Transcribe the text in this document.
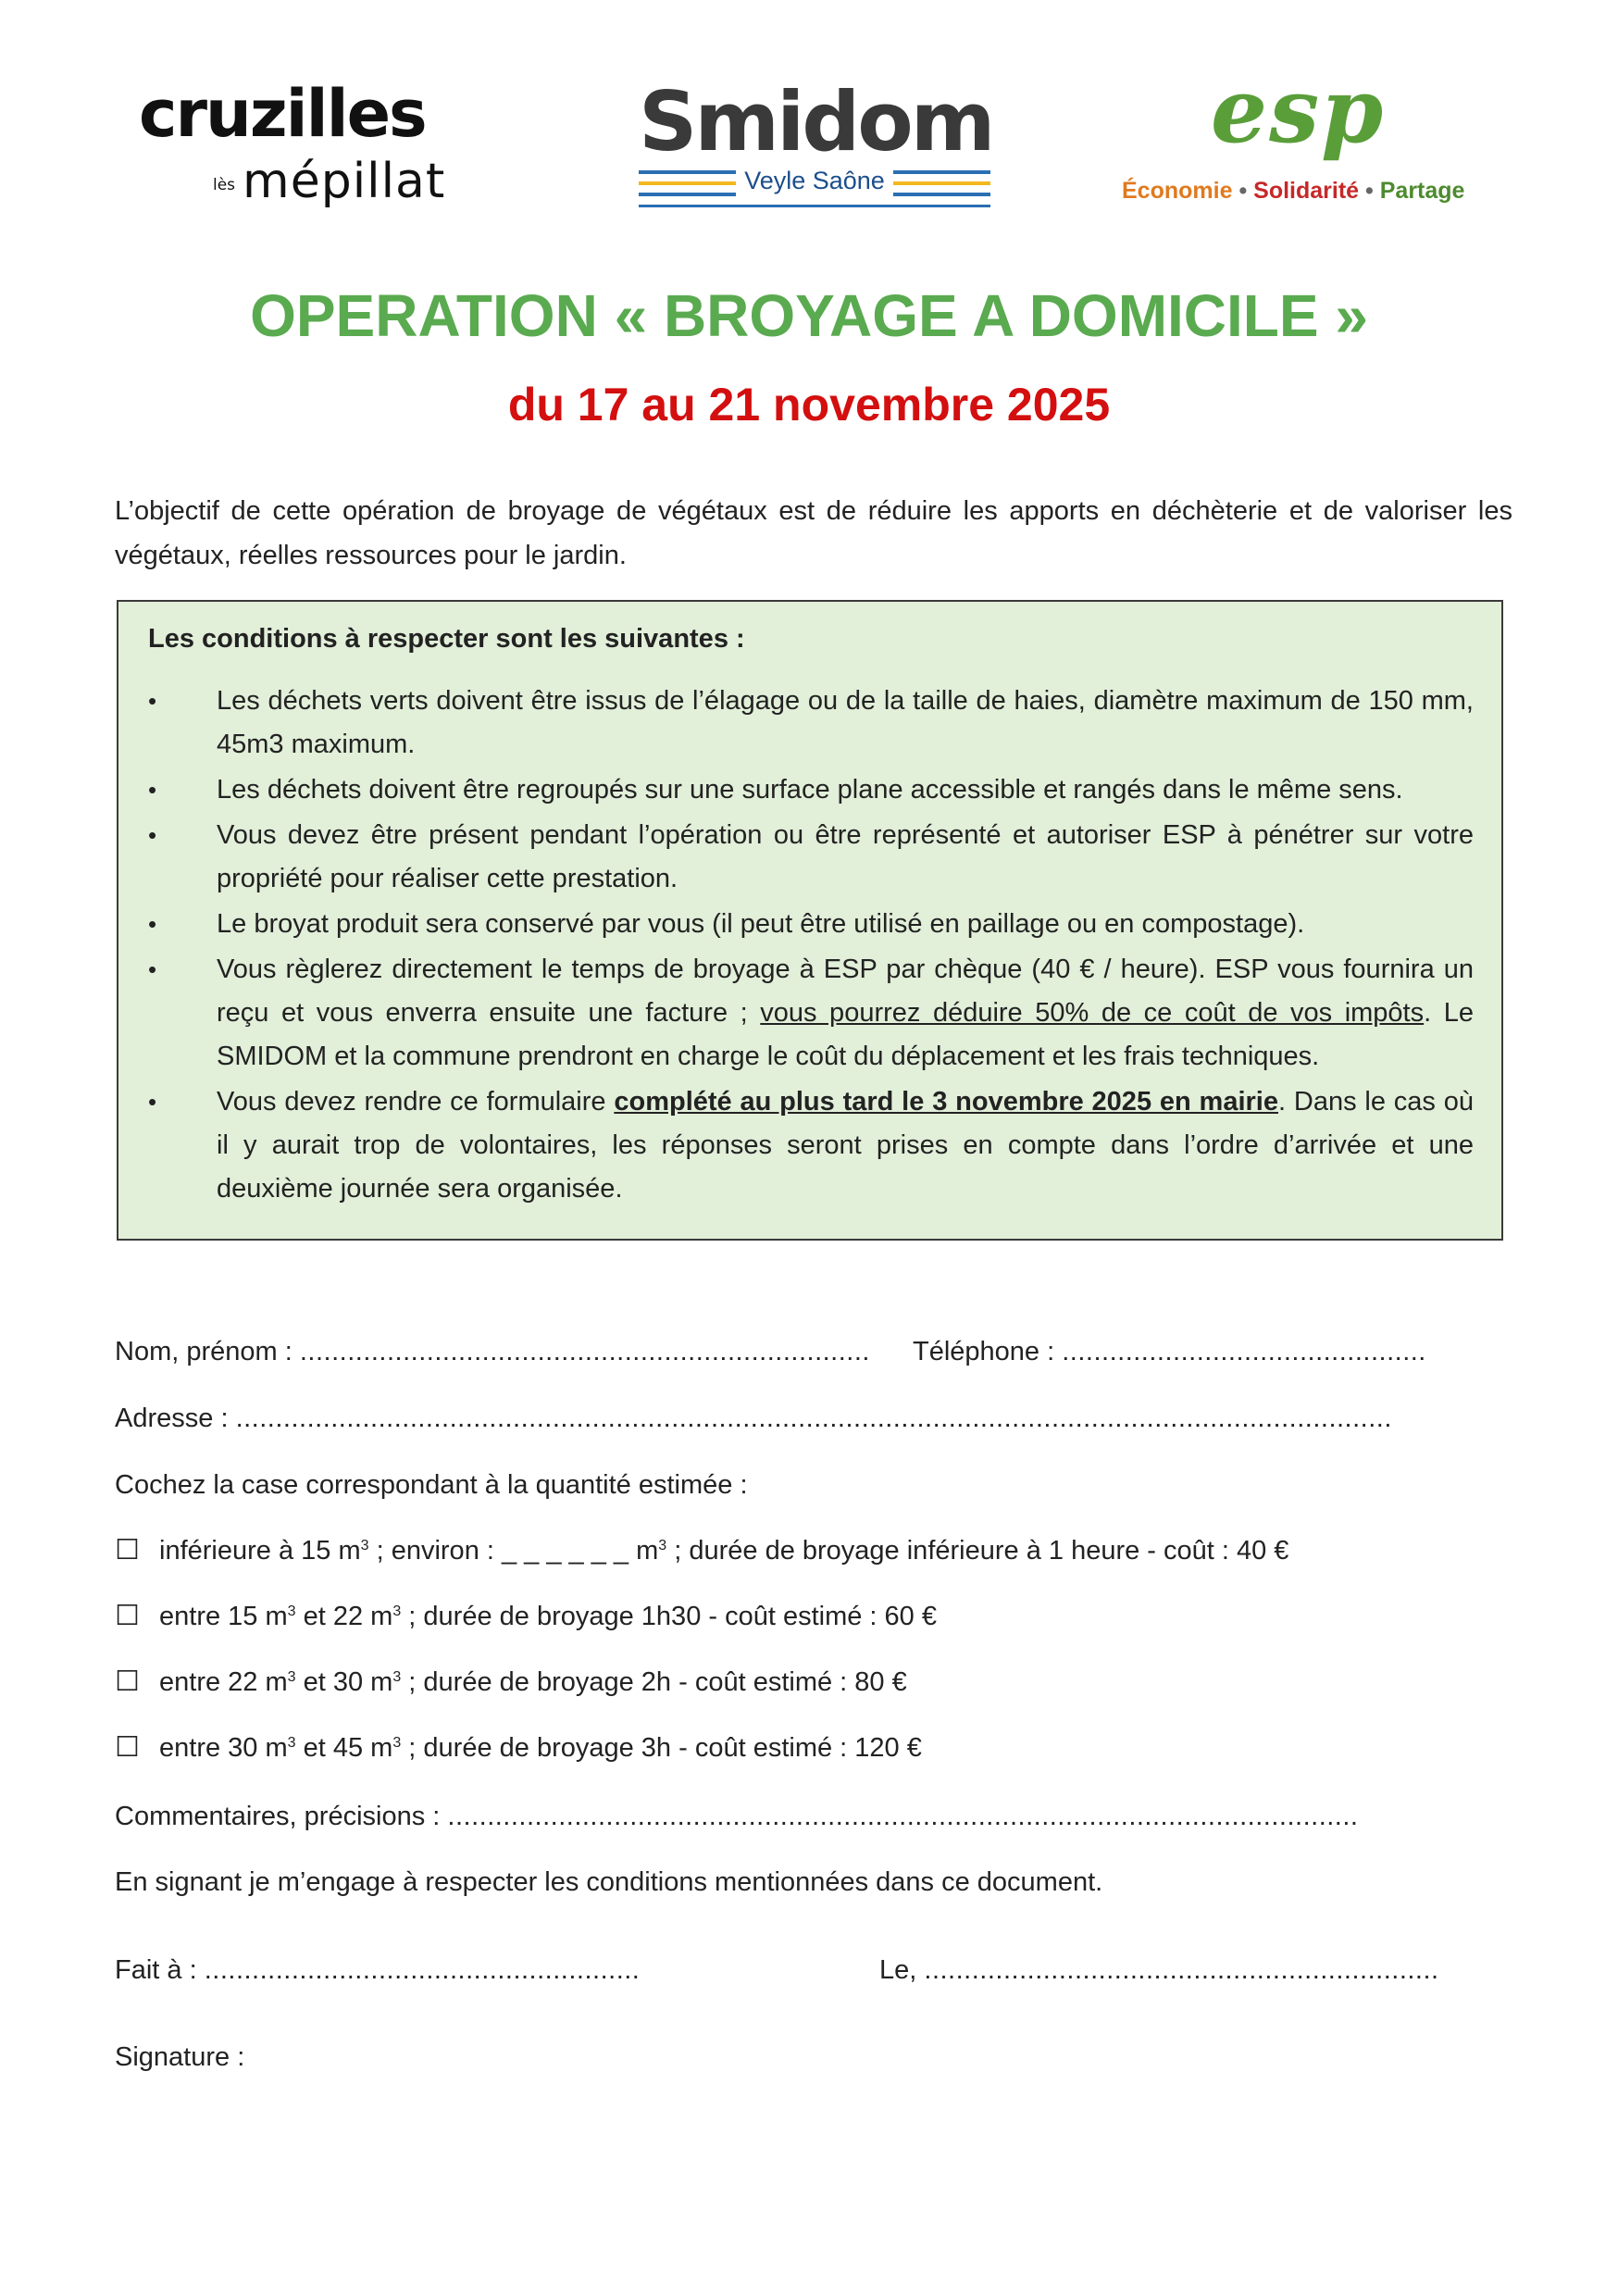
cruzilles
lès mépillat
Smidom
Veyle Saône
esp
Économie • Solidarité • Partage
OPERATION « BROYAGE A DOMICILE »
du 17 au 21 novembre 2025
L’objectif de cette opération de broyage de végétaux est de réduire les apports en déchèterie et de valoriser les végétaux, réelles ressources pour le jardin.
Les conditions à respecter sont les suivantes :
• Les déchets verts doivent être issus de l’élagage ou de la taille de haies, diamètre maximum de 150 mm, 45m3 maximum.
• Les déchets doivent être regroupés sur une surface plane accessible et rangés dans le même sens.
• Vous devez être présent pendant l’opération ou être représenté et autoriser ESP à pénétrer sur votre propriété pour réaliser cette prestation.
• Le broyat produit sera conservé par vous (il peut être utilisé en paillage ou en compostage).
• Vous règlerez directement le temps de broyage à ESP par chèque (40 € / heure). ESP vous fournira un reçu et vous enverra ensuite une facture ; vous pourrez déduire 50% de ce coût de vos impôts. Le SMIDOM et la commune prendront en charge le coût du déplacement et les frais techniques.
• Vous devez rendre ce formulaire complété au plus tard le 3 novembre 2025 en mairie. Dans le cas où il y aurait trop de volontaires, les réponses seront prises en compte dans l’ordre d’arrivée et une deuxième journée sera organisée.
Nom, prénom : ........................................................................ Téléphone : ..............................................
Adresse : ..................................................................................................................................................
Cochez la case correspondant à la quantité estimée :
☐ inférieure à 15 $m^3$ ; environ : _ _ _ _ _ _ $m^3$ ; durée de broyage inférieure à 1 heure - coût : 40 €
☐ entre 15 $m^3$ et 22 $m^3$ ; durée de broyage 1h30 - coût estimé : 60 €
☐ entre 22 $m^3$ et 30 $m^3$ ; durée de broyage 2h - coût estimé : 80 €
☐ entre 30 $m^3$ et 45 $m^3$ ; durée de broyage 3h - coût estimé : 120 €
Commentaires, précisions : ...................................................................................................................
En signant je m’engage à respecter les conditions mentionnées dans ce document.
Fait à : .......................................................	Le, .................................................................
Signature :
